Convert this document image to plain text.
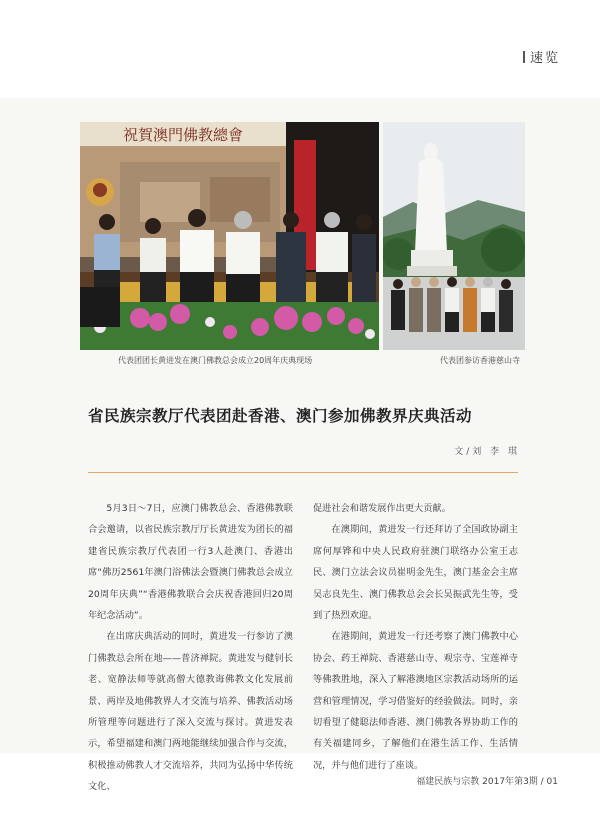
速览
祝賀澳門佛教總會
代表团团长黄进发在澳门佛教总会成立20周年庆典现场	代表团参访香港慈山寺
省民族宗教厅代表团赴香港、澳门参加佛教界庆典活动
文/刘 李 琪

5月3日～7日，应澳门佛教总会、香港佛教联合会邀请，以省民族宗教厅厅长黄进发为团长的福建省民族宗教厅代表团一行3人赴澳门、香港出席“佛历2561年澳门浴佛法会暨澳门佛教总会成立20周年庆典”“香港佛教联合会庆祝香港回归20周年纪念活动”。

在出席庆典活动的同时，黄进发一行参访了澳门佛教总会所在地——普济禅院。黄进发与健钊长老、宽静法师等就高僧大德教诲佛教文化发展前景、两岸及地佛教界人才交流与培养、佛教活动场所管理等问题进行了深入交流与探讨。黄进发表示，希望福建和澳门两地能继续加强合作与交流，积极推动佛教人才交流培养，共同为弘扬中华传统文化、

促进社会和谐发展作出更大贡献。

在澳期间，黄进发一行还拜访了全国政协副主席何厚铧和中央人民政府驻澳门联络办公室王志民、澳门立法会议员崔明金先生，澳门基金会主席吴志良先生、澳门佛教总会会长吴振武先生等，受到了热烈欢迎。

在港期间，黄进发一行还考察了澳门佛教中心协会、药王禅院、香港慈山寺、观宗寺、宝莲禅寺等佛教胜地，深入了解港澳地区宗教活动场所的运营和管理情况，学习借鉴好的经验做法。同时，亲切看望了健聪法师香港、澳门佛教各界协助工作的有关福建同乡，了解他们在港生活工作、生活情况，并与他们进行了座谈。

福建民族与宗教 2017年第3期 / 01
